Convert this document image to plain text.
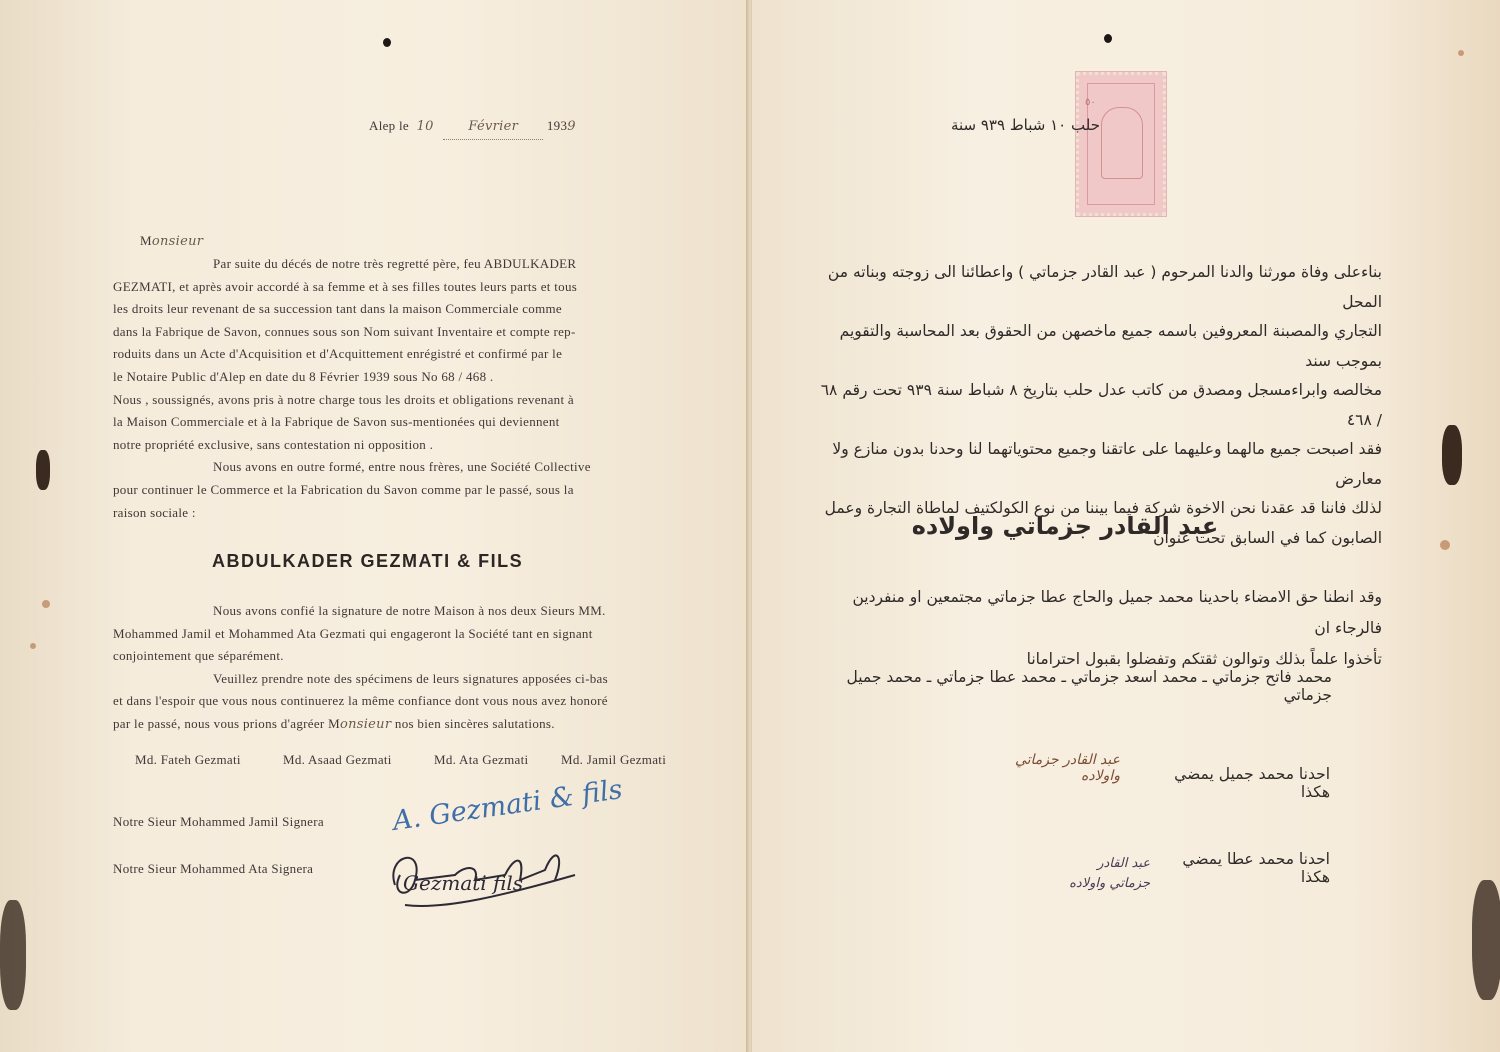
Alep le 10	Février 1939
Monsieur

Par suite du décés de notre très regretté père, feu ABDULKADER

GEZMATI, et après avoir accordé à sa femme et à ses filles toutes leurs parts et tous

les droits leur revenant de sa succession tant dans la maison Commerciale comme

dans la Fabrique de Savon, connues sous son Nom suivant Inventaire et compte rep-

roduits dans un Acte d'Acquisition et d'Acquittement enrégistré et confirmé par le

le Notaire Public d'Alep en date du 8 Février 1939 sous No 68 / 468 .

Nous , soussignés, avons pris à notre charge tous les droits et obligations revenant à

la Maison Commerciale et à la Fabrique de Savon sus-mentionées qui deviennent

notre propriété exclusive, sans contestation ni opposition .

Nous avons en outre formé, entre nous frères, une Société Collective

pour continuer le Commerce et la Fabrication du Savon comme par le passé, sous la

raison sociale :

ABDULKADER GEZMATI & FILS

Nous avons confié la signature de notre Maison à nos deux Sieurs MM.

Mohammed Jamil et Mohammed Ata Gezmati qui engageront la Société tant en signant

conjointement que séparément.

Veuillez prendre note des spécimens de leurs signatures apposées ci-bas

et dans l'espoir que vous nous continuerez la même confiance dont vous nous avez honoré

par le passé, nous vous prions d'agréer Monsieur nos bien sincères salutations.

Md. Fateh Gezmati	Md. Asaad Gezmati	Md. Ata Gezmati	Md. Jamil Gezmati
Notre Sieur Mohammed Jamil Signera
Notre Sieur Mohammed Ata Signera
A. Gezmati & fils
Gezmati fils
٥٠
حلب ١٠ شباط ٩٣٩ سنة
بناءعلى وفاة مورثنا والدنا المرحوم ( عبد القادر جزماتي ) واعطائنا الى زوجته وبناته من المحل
التجاري والمصبنة المعروفين باسمه جميع ماخصهن من الحقوق بعد المحاسبة والتقويم بموجب سند
مخالصه وابراءمسجل ومصدق من كاتب عدل حلب بتاريخ ٨ شباط سنة ٩٣٩ تحت رقم ٦٨ / ٤٦٨
فقد اصبحت جميع مالهما وعليهما على عاتقنا وجميع محتوياتهما لنا وحدنا بدون منازع ولا معارض
لذلك فاننا قد عقدنا نحن الاخوة شركة فيما بيننا من نوع الكولكتيف لماطاة التجارة وعمل
الصابون كما في السابق تحت عنوان
عبد القادر جزماتي واولاده
وقد انطنا حق الامضاء باحدينا محمد جميل والحاج عطا جزماتي مجتمعين او منفردين فالرجاء ان
تأخذوا علماً بذلك وتوالون ثقتكم وتفضلوا بقبول احترامانا
محمد فاتح جزماتي ـ محمد اسعد جزماتي ـ محمد عطا جزماتي ـ محمد جميل جزماتي
احدنا محمد جميل يمضي هكذا
عبد القادر جزماتي واولاده
احدنا محمد عطا يمضي هكذا
عبد القادر جزماتي واولاده
